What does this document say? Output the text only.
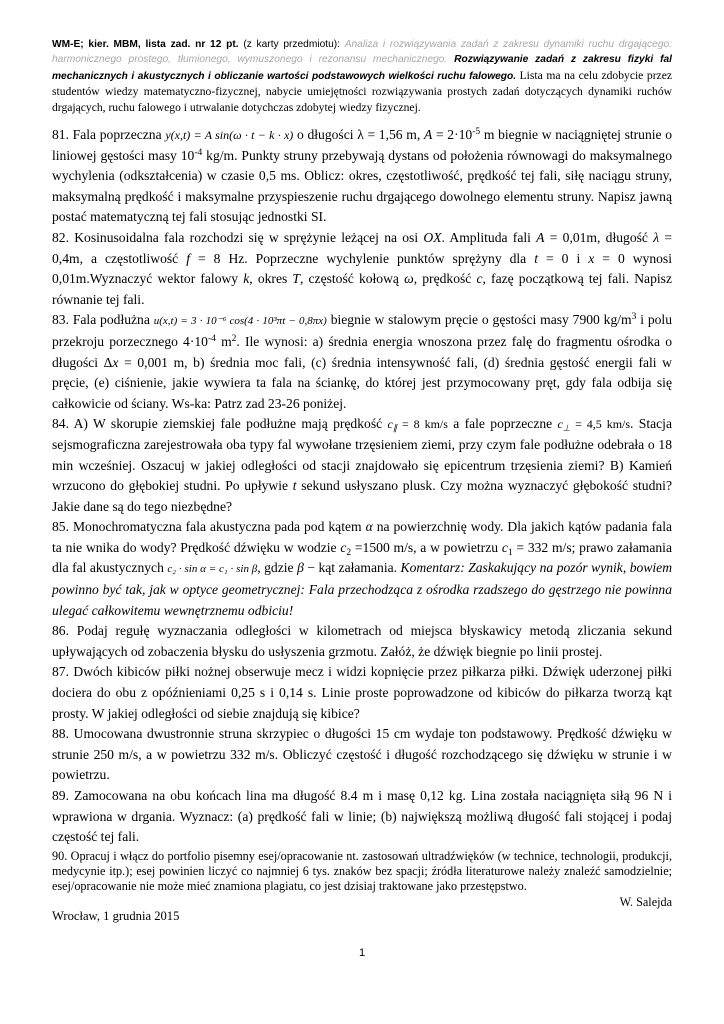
WM-E; kier. MBM, lista zad. nr 12 pt. (z karty przedmiotu): Analiza i rozwiązywania zadań z zakresu dynamiki ruchu drgającego: harmonicznego prostego, tłumionego, wymuszonego i rezonansu mechanicznego. Rozwiązywanie zadań z zakresu fizyki fal mechanicznych i akustycznych i obliczanie wartości podstawowych wielkości ruchu falowego. Lista ma na celu zdobycie przez studentów wiedzy matematyczno-fizycznej, nabycie umiejętności rozwiązywania prostych zadań dotyczących dynamiki ruchów drgających, ruchu falowego i utrwalanie dotychczas zdobytej wiedzy fizycznej.

81. Fala poprzeczna y(x,t) = A sin(ω · t − k · x) o długości λ = 1,56 m, $A = 2\cdot 10^{-5}$ m biegnie w naciągniętej strunie o liniowej gęstości masy $10^{-4}$ kg/m. Punkty struny przebywają dystans od położenia równowagi do maksymalnego wychylenia (odkształcenia) w czasie 0,5 ms. Oblicz: okres, częstotliwość, prędkość tej fali, siłę naciągu struny, maksymalną prędkość i maksymalne przyspieszenie ruchu drgającego dowolnego elementu struny. Napisz jawną postać matematyczną tej fali stosując jednostki SI.

82. Kosinusoidalna fala rozchodzi się w sprężynie leżącej na osi OX. Amplituda fali A = 0,01m, długość λ = 0,4m, a częstotliwość f = 8 Hz. Poprzeczne wychylenie punktów sprężyny dla t = 0 i x = 0 wynosi 0,01m.Wyznaczyć wektor falowy k, okres T, częstość kołową ω, prędkość c, fazę początkową tej fali. Napisz równanie tej fali.

83. Fala podłużna u(x,t) = 3 · 10⁻⁶ cos(4 · 10³πt − 0,8πx) biegnie w stalowym pręcie o gęstości masy 7900 $kg/m^3$ i polu przekroju porzecznego $4\cdot 10^{-4}$ $m^2$. Ile wynosi: a) średnia energia wnoszona przez falę do fragmentu ośrodka o długości Δx = 0,001 m, b) średnia moc fali, (c) średnia intensywność fali, (d) średnia gęstość energii fali w pręcie, (e) ciśnienie, jakie wywiera ta fala na ściankę, do której jest przymocowany pręt, gdy fala odbija się całkowicie od ściany. Ws-ka: Patrz zad 23-26 poniżej.

84. A) W skorupie ziemskiej fale podłużne mają prędkość $c_\parallel = 8$ km/s a fale poprzeczne $c_\perp = 4,5$ km/s. Stacja sejsmograficzna zarejestrowała oba typy fal wywołane trzęsieniem ziemi, przy czym fale podłużne odebrała o 18 min wcześniej. Oszacuj w jakiej odległości od stacji znajdowało się epicentrum trzęsienia ziemi? B) Kamień wrzucono do głębokiej studni. Po upływie t sekund usłyszano plusk. Czy można wyznaczyć głębokość studni? Jakie dane są do tego niezbędne?

85. Monochromatyczna fala akustyczna pada pod kątem α na powierzchnię wody. Dla jakich kątów padania fala ta nie wnika do wody? Prędkość dźwięku w wodzie $c_2 =1500$ m/s, a w powietrzu $c_1 = 332$ m/s; prawo załamania dla fal akustycznych c₂ · sin α = c₁ · sin β, gdzie β − kąt załamania. Komentarz: Zaskakujący na pozór wynik, bowiem powinno być tak, jak w optyce geometrycznej: Fala przechodząca z ośrodka rzadszego do gęstrzego nie powinna ulegać całkowitemu wewnętrznemu odbiciu!

86. Podaj regułę wyznaczania odległości w kilometrach od miejsca błyskawicy metodą zliczania sekund upływających od zobaczenia błysku do usłyszenia grzmotu. Załóż, że dźwięk biegnie po linii prostej.

87. Dwóch kibiców piłki nożnej obserwuje mecz i widzi kopnięcie przez piłkarza piłki. Dźwięk uderzonej piłki dociera do obu z opóźnieniami 0,25 s i 0,14 s. Linie proste poprowadzone od kibiców do piłkarza tworzą kąt prosty. W jakiej odległości od siebie znajdują się kibice?

88. Umocowana dwustronnie struna skrzypiec o długości 15 cm wydaje ton podstawowy. Prędkość dźwięku w strunie 250 m/s, a w powietrzu 332 m/s. Obliczyć częstość i długość rozchodzącego się dźwięku w strunie i w powietrzu.

89. Zamocowana na obu końcach lina ma długość 8.4 m i masę 0,12 kg. Lina została naciągnięta siłą 96 N i wprawiona w drgania. Wyznacz: (a) prędkość fali w linie; (b) największą możliwą długość fali stojącej i podaj częstość tej fali.

90. Opracuj i włącz do portfolio pisemny esej/opracowanie nt. zastosowań ultradźwięków (w technice, technologii, produkcji, medycynie itp.); esej powinien liczyć co najmniej 6 tys. znaków bez spacji; źródła literaturowe należy znaleźć samodzielnie; esej/opracowanie nie może mieć znamiona plagiatu, co jest dzisiaj traktowane jako przestępstwo.

W. Salejda

Wrocław, 1 grudnia 2015
1
